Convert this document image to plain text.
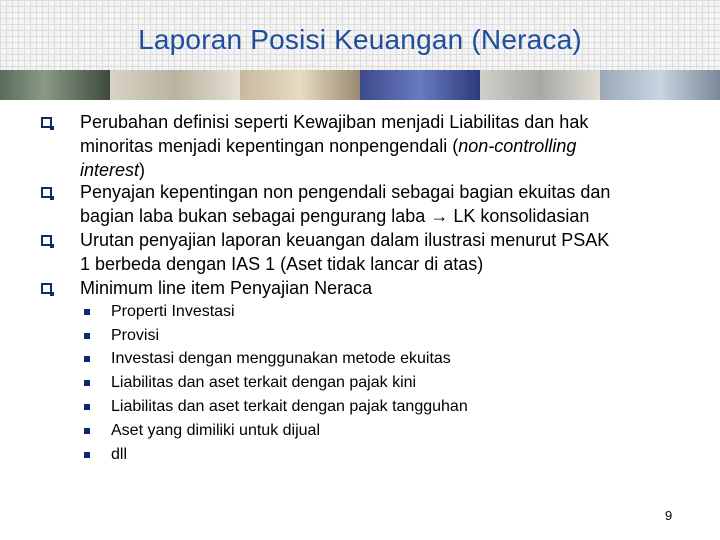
Laporan Posisi Keuangan (Neraca)
Perubahan definisi seperti Kewajiban menjadi Liabilitas dan hak
minoritas menjadi kepentingan nonpengendali (non-controlling
interest)
Penyajan kepentingan non pengendali sebagai bagian ekuitas dan
bagian laba bukan sebagai pengurang laba → LK konsolidasian
Urutan penyajian laporan keuangan dalam ilustrasi menurut PSAK
1 berbeda dengan IAS 1 (Aset tidak lancar di atas)
Minimum line item Penyajian Neraca
Properti Investasi
Provisi
Investasi dengan menggunakan metode ekuitas
Liabilitas dan aset terkait dengan pajak kini
Liabilitas dan aset terkait dengan pajak tangguhan
Aset yang dimiliki untuk dijual
dll
9
